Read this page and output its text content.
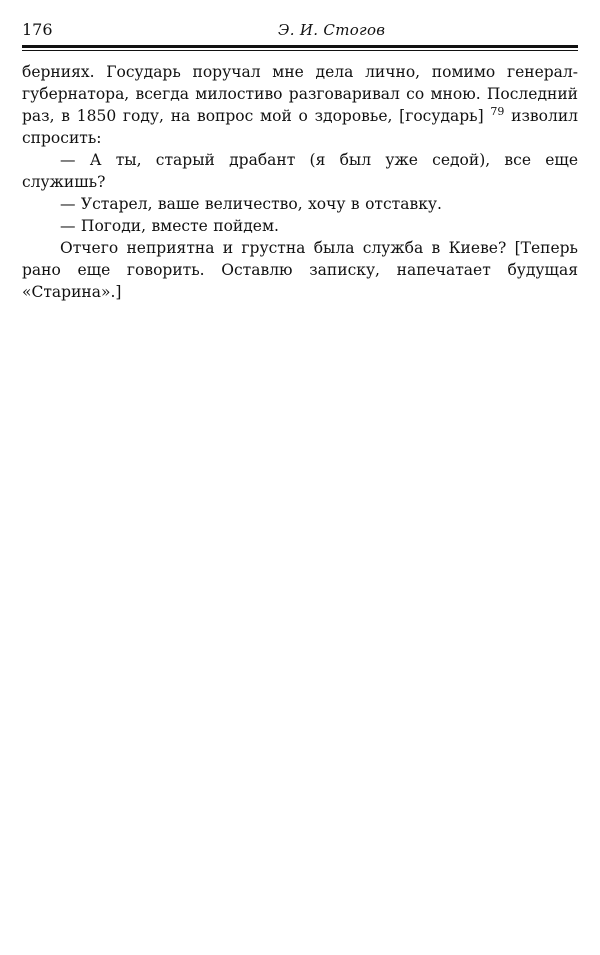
176	Э. И. Стогов

берниях. Государь поручал мне дела лично, помимо генерал-губернатора, всегда милостиво разговаривал со мною. Последний раз, в 1850 году, на вопрос мой о здоровье, [государь] $^{79}$ изволил спросить:

— А ты, старый драбант (я был уже седой), все еще служишь?

— Устарел, ваше величество, хочу в отставку.

— Погоди, вместе пойдем.

Отчего неприятна и грустна была служба в Киеве? [Теперь рано еще говорить. Оставлю записку, напечатает будущая «Старина».]
